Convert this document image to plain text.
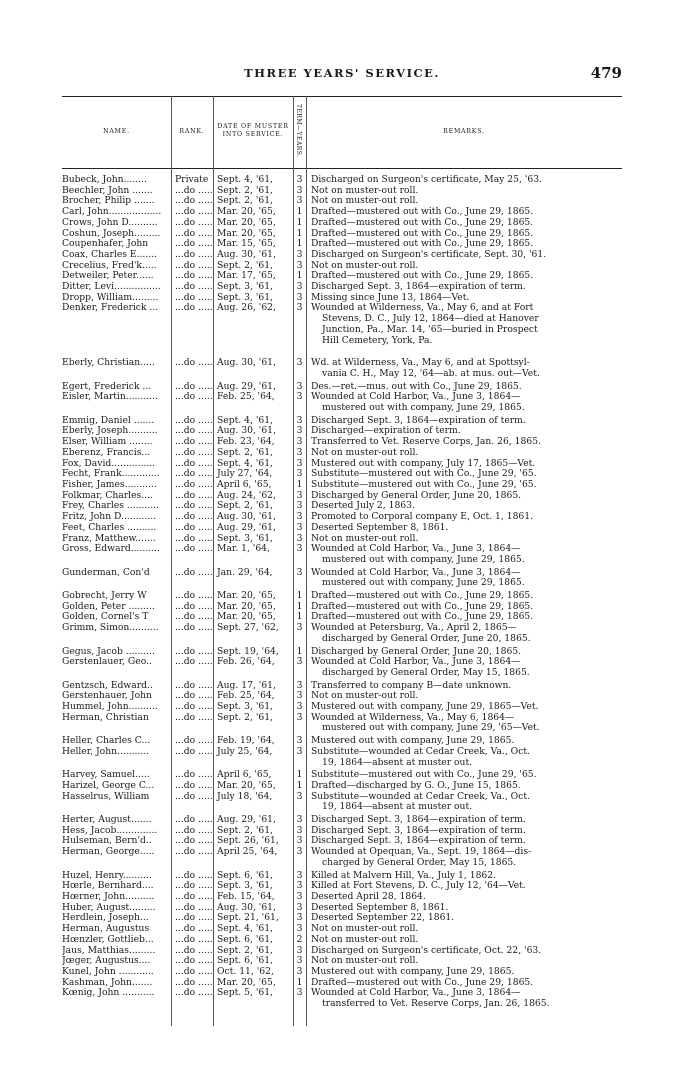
THREE YEARS' SERVICE.	479
NAME.	RANK.
DATE OF MUSTER
INTO SERVICE.	TERM—YEARS.	REMARKS.
Bubeck, John........	Private Sept. 4, '61,	3 Discharged on Surgeon's certificate, May 25, '63.
Beechler, John .......	...do ..... Sept. 2, '61,	3 Not on muster-out roll.
Brocher, Philip .......	...do ..... Sept. 2, '61,	3 Not on muster-out roll.
Carl, John..................	...do ..... Mar. 20, '65,	1 Drafted—mustered out with Co., June 29, 1865.
Crows, John D..........	...do ..... Mar. 20, '65,	1 Drafted—mustered out with Co., June 29, 1865.
Coshun, Joseph.........	...do ..... Mar. 20, '65,	1 Drafted—mustered out with Co., June 29, 1865.
Coupenhafer, John	...do ..... Mar. 15, '65,	1 Drafted—mustered out with Co., June 29, 1865.
Coax, Charles E.......	...do ..... Aug. 30, '61,	3 Discharged on Surgeon's certificate, Sept. 30, '61.
Crecelius, Fred'k.....	...do ..... Sept. 2, '61,	3 Not on muster-out roll.
Detweiler, Peter......	...do ..... Mar. 17, '65,	1 Drafted—mustered out with Co., June 29, 1865.
Ditter, Levi................	...do ..... Sept. 3, '61,	3 Discharged Sept. 3, 1864—expiration of term.
Dropp, William.........	...do ..... Sept. 3, '61,	3 Missing since June 13, 1864—Vet.
Denker, Frederick ...	...do ..... Aug. 26, '62,	3 Wounded at Wilderness, Va., May 6, and at Fort
Stevens, D. C., July 12, 1864—died at Hanover
Junction, Pa., Mar. 14, '65—buried in Prospect
Hill Cemetery, York, Pa.
Eberly, Christian.....	...do ..... Aug. 30, '61,	3 Wd. at Wilderness, Va., May 6, and at Spottsyl-
vania C. H., May 12, '64—ab. at mus. out—Vet.
Egert, Frederick ...	...do ..... Aug. 29, '61,	3 Des.—ret.—mus. out with Co., June 29, 1865.
Eisler, Martin...........	...do ..... Feb. 25, '64,	3 Wounded at Cold Harbor, Va., June 3, 1864—
mustered out with company, June 29, 1865.
Emmig, Daniel .......	...do ..... Sept. 4, '61,	3 Discharged Sept. 3, 1864—expiration of term.
Eberly, Joseph..........	...do ..... Aug. 30, '61,	3 Discharged—expiration of term.
Elser, William ........	...do ..... Feb. 23, '64,	3 Transferred to Vet. Reserve Corps, Jan. 26, 1865.
Eberenz, Francis...	...do ..... Sept. 2, '61,	3 Not on muster-out roll.
Fox, David...............	...do ..... Sept. 4, '61,	3 Mustered out with company, July 17, 1865—Vet.
Fecht, Frank.............	...do ..... July 27, '64,	3 Substitute—mustered out with Co., June 29, '65.
Fisher, James...........	...do ..... April 6, '65,	1 Substitute—mustered out with Co., June 29, '65.
Folkmar, Charles....	...do ..... Aug. 24, '62,	3 Discharged by General Order, June 20, 1865.
Frey, Charles ...........	...do ..... Sept. 2, '61,	3 Deserted July 2, 1863.
Fritz, John D............	...do ..... Aug. 30, '61,	3 Promoted to Corporal company E, Oct. 1, 1861.
Feet, Charles ..........	...do ..... Aug. 29, '61,	3 Deserted September 8, 1861.
Franz, Matthew.......	...do ..... Sept. 3, '61,	3 Not on muster-out roll.
Gross, Edward..........	...do ..... Mar. 1, '64,	3 Wounded at Cold Harbor, Va., June 3, 1864—
mustered out with company, June 29, 1865.
Gunderman, Con'd	...do ..... Jan. 29, '64,	3 Wounded at Cold Harbor, Va., June 3, 1864—
mustered out with company, June 29, 1865.
Gobrecht, Jerry W	...do ..... Mar. 20, '65,	1 Drafted—mustered out with Co., June 29, 1865.
Golden, Peter .........	...do ..... Mar. 20, '65,	1 Drafted—mustered out with Co., June 29, 1865.
Golden, Cornel's T	...do ..... Mar. 20, '65,	1 Drafted—mustered out with Co., June 29, 1865.
Grimm, Simon..........	...do ..... Sept. 27, '62,	3 Wounded at Petersburg, Va., April 2, 1865—
discharged by General Order, June 20, 1865.
Gegus, Jacob ..........	...do ..... Sept. 19, '64,	1 Discharged by General Order, June 20, 1865.
Gerstenlauer, Geo..	...do ..... Feb. 26, '64,	3 Wounded at Cold Harbor, Va., June 3, 1864—
discharged by General Order, May 15, 1865.
Gentzsch, Edward..	...do ..... Aug. 17, '61,	3 Transferred to company B—date unknown.
Gerstenhauer, John	...do ..... Feb. 25, '64,	3 Not on muster-out roll.
Hummel, John..........	...do ..... Sept. 3, '61,	3 Mustered out with company, June 29, 1865—Vet.
Herman, Christian	...do ..... Sept. 2, '61,	3 Wounded at Wilderness, Va., May 6, 1864—
mustered out with company, June 29, '65—Vet.
Heller, Charles C...	...do ..... Feb. 19, '64,	3 Mustered out with company, June 29, 1865.
Heller, John...........	...do ..... July 25, '64,	3 Substitute—wounded at Cedar Creek, Va., Oct.
19, 1864—absent at muster out.
Harvey, Samuel.....	...do ..... April 6, '65,	1 Substitute—mustered out with Co., June 29, '65.
Harizel, George C...	...do ..... Mar. 20, '65,	1 Drafted—discharged by G. O., June 15, 1865.
Hasselrus, William	...do ..... July 18, '64,	3 Substitute—wounded at Cedar Creek, Va., Oct.
19, 1864—absent at muster out.
Herter, August.......	...do ..... Aug. 29, '61,	3 Discharged Sept. 3, 1864—expiration of term.
Hess, Jacob..............	...do ..... Sept. 2, '61,	3 Discharged Sept. 3, 1864—expiration of term.
Hulseman, Bern'd..	...do ..... Sept. 26, '61,	3 Discharged Sept. 3, 1864—expiration of term.
Herman, George.....	...do ..... April 25, '64,	3 Wounded at Opequan, Va., Sept. 19, 1864—dis-
charged by General Order, May 15, 1865.
Huzel, Henry..........	...do ..... Sept. 6, '61,	3 Killed at Malvern Hill, Va., July 1, 1862.
Hœrle, Bernhard....	...do ..... Sept. 3, '61,	3 Killed at Fort Stevens, D. C., July 12, '64—Vet.
Hœrner, John..........	...do ..... Feb. 15, '64,	3 Deserted April 28, 1864.
Huber, August.........	...do ..... Aug. 30, '61,	3 Deserted September 8, 1861.
Herdlein, Joseph...	...do ..... Sept. 21, '61,	3 Deserted September 22, 1861.
Herman, Augustus	...do ..... Sept. 4, '61,	3 Not on muster-out roll.
Hœnzler, Gottlieb...	...do ..... Sept. 6, '61,	2 Not on muster-out roll.
Jaus, Matthias.........	...do ..... Sept. 2, '61,	3 Discharged on Surgeon's certificate, Oct. 22, '63.
Jœger, Augustus....	...do ..... Sept. 6, '61,	3 Not on muster-out roll.
Kunel, John ............	...do ..... Oct. 11, '62,	3 Mustered out with company, June 29, 1865.
Kashman, John.......	...do ..... Mar. 20, '65,	1 Drafted—mustered out with Co., June 29, 1865.
Kœnig, John ...........	...do ..... Sept. 5, '61,	3 Wounded at Cold Harbor, Va., June 3, 1864—
transferred to Vet. Reserve Corps, Jan. 26, 1865.
